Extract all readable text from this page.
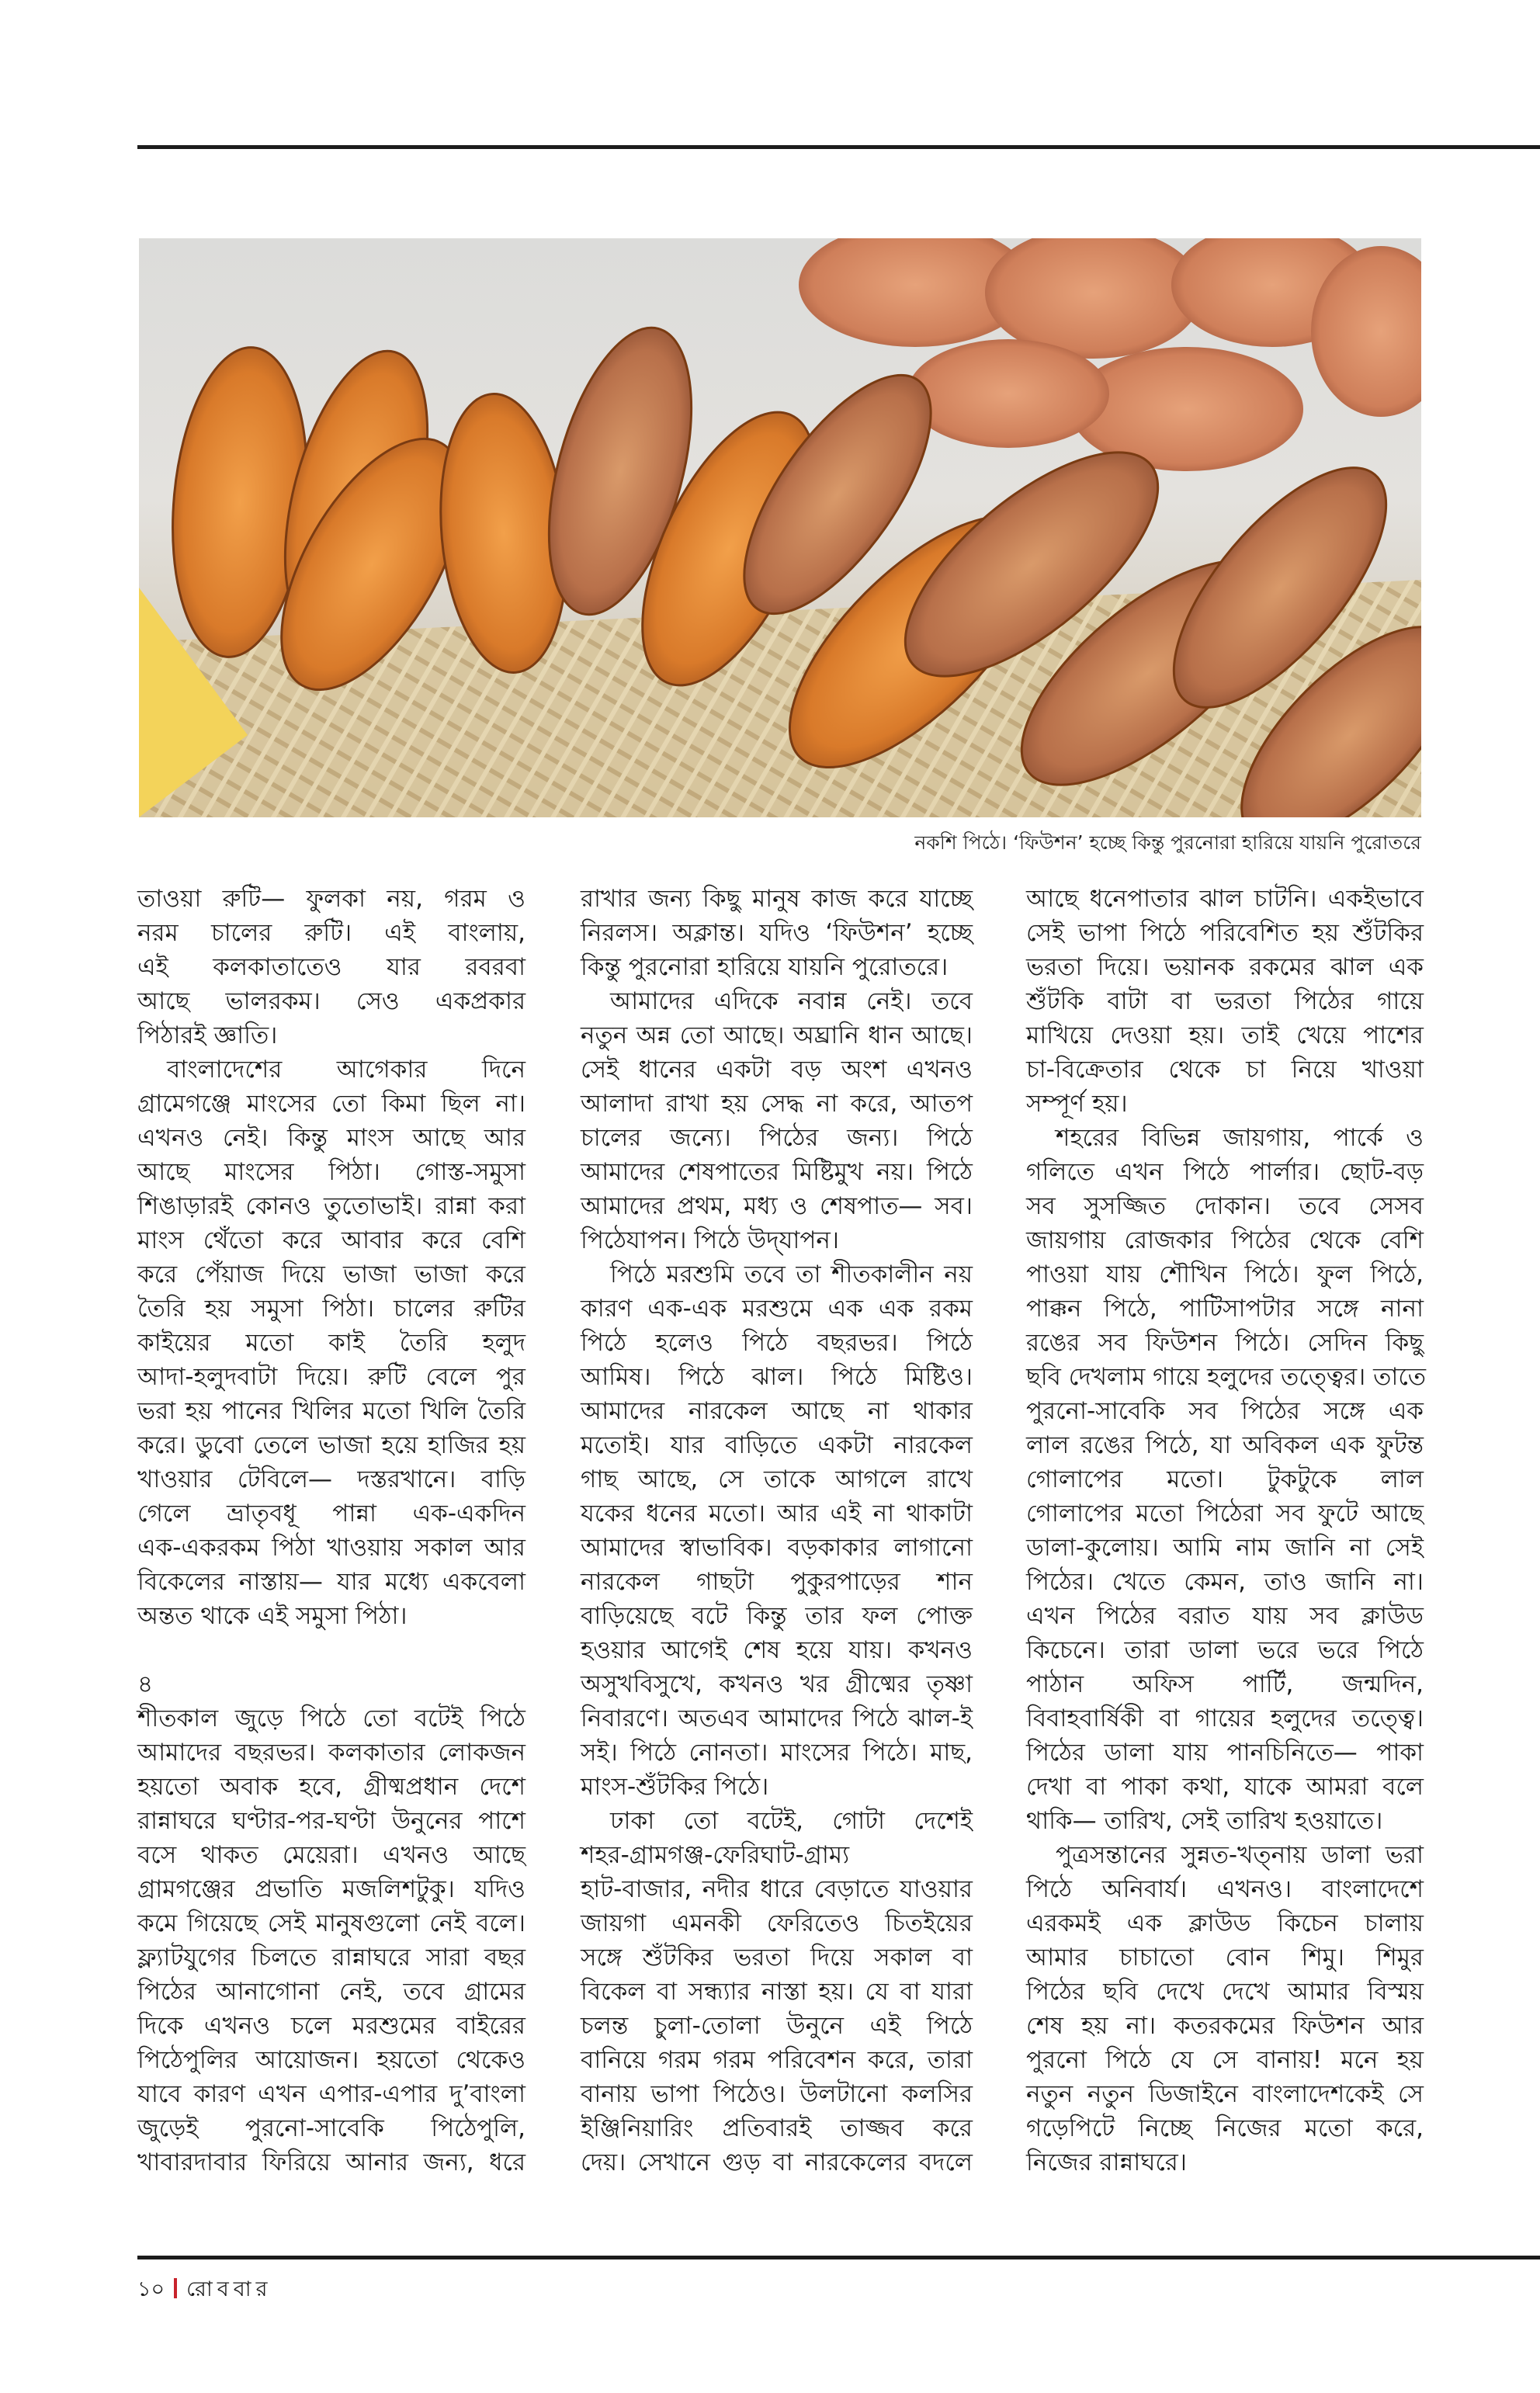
নকশি পিঠে। ‘ফিউশন’ হচ্ছে কিন্তু পুরনোরা হারিয়ে যায়নি পুরোতরে
তাওয়া রুটি— ফুলকা নয়, গরম ও
নরম চালের রুটি। এই বাংলায়,
এই কলকাতাতেও যার রবরবা
আছে ভালরকম। সেও একপ্রকার
পিঠারই জ্ঞাতি।
বাংলাদেশের আগেকার দিনে
গ্রামেগঞ্জে মাংসের তো কিমা ছিল না।
এখনও নেই। কিন্তু মাংস আছে আর
আছে মাংসের পিঠা। গোস্ত-সমুসা
শিঙাড়ারই কোনও তুতোভাই। রান্না করা
মাংস থেঁতো করে আবার করে বেশি
করে পেঁয়াজ দিয়ে ভাজা ভাজা করে
তৈরি হয় সমুসা পিঠা। চালের রুটির
কাইয়ের মতো কাই তৈরি হলুদ
আদা-হলুদবাটা দিয়ে। রুটি বেলে পুর
ভরা হয় পানের খিলির মতো খিলি তৈরি
করে। ডুবো তেলে ভাজা হয়ে হাজির হয়
খাওয়ার টেবিলে— দস্তরখানে। বাড়ি
গেলে ভ্রাতৃবধূ পান্না এক-একদিন
এক-একরকম পিঠা খাওয়ায় সকাল আর
বিকেলের নাস্তায়— যার মধ্যে একবেলা
অন্তত থাকে এই সমুসা পিঠা।
৪
শীতকাল জুড়ে পিঠে তো বটেই পিঠে
আমাদের বছরভর। কলকাতার লোকজন
হয়তো অবাক হবে, গ্রীষ্মপ্রধান দেশে
রান্নাঘরে ঘণ্টার-পর-ঘণ্টা উনুনের পাশে
বসে থাকত মেয়েরা। এখনও আছে
গ্রামগঞ্জের প্রভাতি মজলিশটুকু। যদিও
কমে গিয়েছে সেই মানুষগুলো নেই বলে।
ফ্ল্যাটযুগের চিলতে রান্নাঘরে সারা বছর
পিঠের আনাগোনা নেই, তবে গ্রামের
দিকে এখনও চলে মরশুমের বাইরের
পিঠেপুলির আয়োজন। হয়তো থেকেও
যাবে কারণ এখন এপার-এপার দু’বাংলা
জুড়েই পুরনো-সাবেকি পিঠেপুলি,
খাবারদাবার ফিরিয়ে আনার জন্য, ধরে
রাখার জন্য কিছু মানুষ কাজ করে যাচ্ছে
নিরলস। অক্লান্ত। যদিও ‘ফিউশন’ হচ্ছে
কিন্তু পুরনোরা হারিয়ে যায়নি পুরোতরে।
আমাদের এদিকে নবান্ন নেই। তবে
নতুন অন্ন তো আছে। অঘ্রানি ধান আছে।
সেই ধানের একটা বড় অংশ এখনও
আলাদা রাখা হয় সেদ্ধ না করে, আতপ
চালের জন্যে। পিঠের জন্য। পিঠে
আমাদের শেষপাতের মিষ্টিমুখ নয়। পিঠে
আমাদের প্রথম, মধ্য ও শেষপাত— সব।
পিঠেযাপন। পিঠে উদ্‌যাপন।
পিঠে মরশুমি তবে তা শীতকালীন নয়
কারণ এক-এক মরশুমে এক এক রকম
পিঠে হলেও পিঠে বছরভর। পিঠে
আমিষ। পিঠে ঝাল। পিঠে মিষ্টিও।
আমাদের নারকেল আছে না থাকার
মতোই। যার বাড়িতে একটা নারকেল
গাছ আছে, সে তাকে আগলে রাখে
যকের ধনের মতো। আর এই না থাকাটা
আমাদের স্বাভাবিক। বড়কাকার লাগানো
নারকেল গাছটা পুকুরপাড়ের শান
বাড়িয়েছে বটে কিন্তু তার ফল পোক্ত
হওয়ার আগেই শেষ হয়ে যায়। কখনও
অসুখবিসুখে, কখনও খর গ্রীষ্মের তৃষ্ণা
নিবারণে। অতএব আমাদের পিঠে ঝাল-ই
সই। পিঠে নোনতা। মাংসের পিঠে। মাছ,
মাংস-শুঁটকির পিঠে।
ঢাকা তো বটেই, গোটা দেশেই
শহর-গ্রামগঞ্জ-ফেরিঘাট-গ্রাম্য
হাট-বাজার, নদীর ধারে বেড়াতে যাওয়ার
জায়গা এমনকী ফেরিতেও চিতইয়ের
সঙ্গে শুঁটকির ভরতা দিয়ে সকাল বা
বিকেল বা সন্ধ্যার নাস্তা হয়। যে বা যারা
চলন্ত চুলা-তোলা উনুনে এই পিঠে
বানিয়ে গরম গরম পরিবেশন করে, তারা
বানায় ভাপা পিঠেও। উলটানো কলসির
ইঞ্জিনিয়ারিং প্রতিবারই তাজ্জব করে
দেয়। সেখানে গুড় বা নারকেলের বদলে
আছে ধনেপাতার ঝাল চাটনি। একইভাবে
সেই ভাপা পিঠে পরিবেশিত হয় শুঁটকির
ভরতা দিয়ে। ভয়ানক রকমের ঝাল এক
শুঁটকি বাটা বা ভরতা পিঠের গায়ে
মাখিয়ে দেওয়া হয়। তাই খেয়ে পাশের
চা-বিক্রেতার থেকে চা নিয়ে খাওয়া
সম্পূর্ণ হয়।
শহরের বিভিন্ন জায়গায়, পার্কে ও
গলিতে এখন পিঠে পার্লার। ছোট-বড়
সব সুসজ্জিত দোকান। তবে সেসব
জায়গায় রোজকার পিঠের থেকে বেশি
পাওয়া যায় শৌখিন পিঠে। ফুল পিঠে,
পাক্কন পিঠে, পাটিসাপটার সঙ্গে নানা
রঙের সব ফিউশন পিঠে। সেদিন কিছু
ছবি দেখলাম গায়ে হলুদের তত্ত্বের। তাতে
পুরনো-সাবেকি সব পিঠের সঙ্গে এক
লাল রঙের পিঠে, যা অবিকল এক ফুটন্ত
গোলাপের মতো। টুকটুকে লাল
গোলাপের মতো পিঠেরা সব ফুটে আছে
ডালা-কুলোয়। আমি নাম জানি না সেই
পিঠের। খেতে কেমন, তাও জানি না।
এখন পিঠের বরাত যায় সব ক্লাউড
কিচেনে। তারা ডালা ভরে ভরে পিঠে
পাঠান অফিস পার্টি, জন্মদিন,
বিবাহবার্ষিকী বা গায়ের হলুদের তত্ত্বে।
পিঠের ডালা যায় পানচিনিতে— পাকা
দেখা বা পাকা কথা, যাকে আমরা বলে
থাকি— তারিখ, সেই তারিখ হওয়াতে।
পুত্রসন্তানের সুন্নত-খত্‌নায় ডালা ভরা
পিঠে অনিবার্য। এখনও। বাংলাদেশে
এরকমই এক ক্লাউড কিচেন চালায়
আমার চাচাতো বোন শিমু। শিমুর
পিঠের ছবি দেখে দেখে আমার বিস্ময়
শেষ হয় না। কতরকমের ফিউশন আর
পুরনো পিঠে যে সে বানায়! মনে হয়
নতুন নতুন ডিজাইনে বাংলাদেশকেই সে
গড়েপিটে নিচ্ছে নিজের মতো করে,
নিজের রান্নাঘরে।
১০ রোববার
